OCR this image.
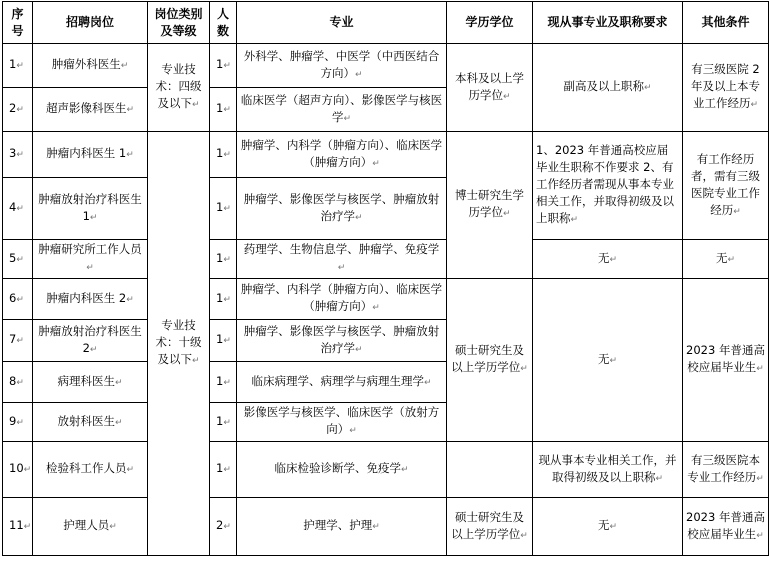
序号	招聘岗位	岗位类别及等级	人数	专业	学历学位	现从事专业及职称要求	其他条件
1↵	肿瘤外科医生↵	专业技术：四级及以下↵	1↵	外科学、肿瘤学、中医学（中西医结合方向）↵	本科及以上学历学位↵	副高及以上职称↵	有三级医院 2 年及以上本专业工作经历↵
2↵	超声影像科医生↵		1↵	临床医学（超声方向）、影像医学与核医学↵			
3↵	肿瘤内科医生 1↵	专业技术：十级及以下↵	1↵	肿瘤学、内科学（肿瘤方向）、临床医学（肿瘤方向）↵	博士研究生学历学位↵	1、2023 年普通高校应届毕业生职称不作要求 2、有工作经历者需现从事本专业相关工作，并取得初级及以上职称↵	有工作经历者，需有三级医院专业工作经历↵
4↵	肿瘤放射治疗科医生 1↵		1↵	肿瘤学、影像医学与核医学、肿瘤放射治疗学↵			
5↵	肿瘤研究所工作人员↵		1↵	药理学、生物信息学、肿瘤学、免疫学↵		无↵	无↵
6↵	肿瘤内科医生 2↵		1↵	肿瘤学、内科学（肿瘤方向）、临床医学（肿瘤方向）↵	硕士研究生及以上学历学位↵	无↵	2023 年普通高校应届毕业生↵
7↵	肿瘤放射治疗科医生 2↵		1↵	肿瘤学、影像医学与核医学、肿瘤放射治疗学↵			
8↵	病理科医生↵		1↵	临床病理学、病理学与病理生理学↵			
9↵	放射科医生↵		1↵	影像医学与核医学、临床医学（放射方向）↵			
10↵	检验科工作人员↵		1↵	临床检验诊断学、免疫学↵		现从事本专业相关工作，并取得初级及以上职称↵	有三级医院本专业工作经历↵
11↵	护理人员↵		2↵	护理学、护理↵	硕士研究生及以上学历学位↵	无↵	2023 年普通高校应届毕业生↵
